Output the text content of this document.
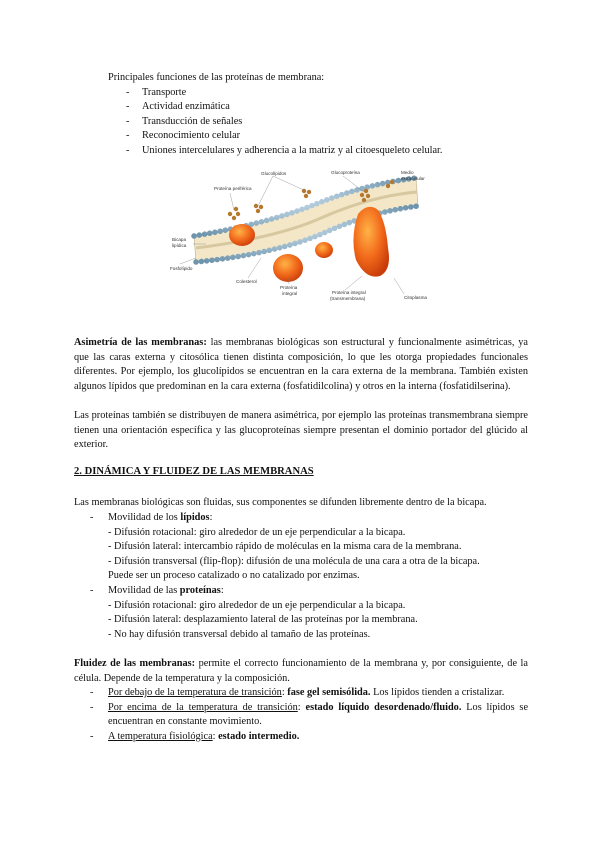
Principales funciones de las proteínas de membrana:
- Transporte
- Actividad enzimática
- Transducción de señales
- Reconocimiento celular
- Uniones intercelulares y adherencia a la matriz y al citoesqueleto celular.
Glucolípidos	Glucoproteína	Medio
extracelular
Proteína periférica
Bicapa
lipídica
Fosfolípido
Colesterol
Proteína
integral	Proteína integral
(transmembrana)	Citoplasma
Asimetría de las membranas: las membranas biológicas son estructural y funcionalmente asimétricas, ya que las caras externa y citosólica tienen distinta composición, lo que les otorga propiedades funcionales diferentes. Por ejemplo, los glucolípidos se encuentran en la cara externa de la membrana. También existen algunos lípidos que predominan en la cara externa (fosfatidilcolina) y otros en la interna (fosfatidilserina).
Las proteínas también se distribuyen de manera asimétrica, por ejemplo las proteínas transmembrana siempre tienen una orientación específica y las glucoproteínas siempre presentan el dominio portador del glúcido al exterior.
2. DINÁMICA Y FLUIDEZ DE LAS MEMBRANAS
Las membranas biológicas son fluidas, sus componentes se difunden libremente dentro de la bicapa.
- Movilidad de los lípidos:
- Difusión rotacional: giro alrededor de un eje perpendicular a la bicapa.
- Difusión lateral: intercambio rápido de moléculas en la misma cara de la membrana.
- Difusión transversal (flip-flop): difusión de una molécula de una cara a otra de la bicapa.
Puede ser un proceso catalizado o no catalizado por enzimas.
- Movilidad de las proteínas:
- Difusión rotacional: giro alrededor de un eje perpendicular a la bicapa.
- Difusión lateral: desplazamiento lateral de las proteínas por la membrana.
- No hay difusión transversal debido al tamaño de las proteínas.
Fluidez de las membranas: permite el correcto funcionamiento de la membrana y, por consiguiente, de la célula. Depende de la temperatura y la composición.
- Por debajo de la temperatura de transición: fase gel semisólida. Los lípidos tienden a cristalizar.
- Por encima de la temperatura de transición: estado líquido desordenado/fluido. Los lípidos se encuentran en constante movimiento.
- A temperatura fisiológica: estado intermedio.
